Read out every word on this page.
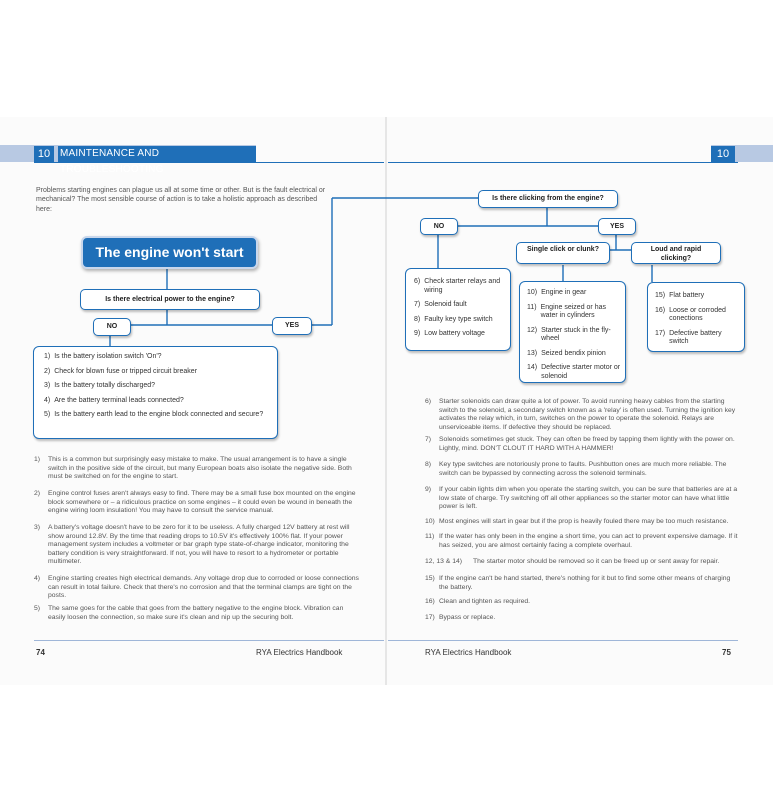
10 MAINTENANCE AND TROUBLESHOOTING
10
Problems starting engines can plague us all at some time or other. But is the fault electrical or mechanical? The most sensible course of action is to take a holistic approach as described here:
The engine won't start
Is there electrical power to the engine?
NO	YES
1) Is the battery isolation switch 'On'?
2) Check for blown fuse or tripped circuit breaker
3) Is the battery totally discharged?
4) Are the battery terminal leads connected?
5) Is the battery earth lead to the engine block connected and secure?
Is there clicking from the engine?
NO	YES
Single click or clunk?	Loud and rapid clicking?
6) Check starter relays and wiring
7) Solenoid fault
8) Faulty key type switch
9) Low battery voltage
10) Engine in gear
11) Engine seized or has water in cylinders
12) Starter stuck in the fly-wheel
13) Seized bendix pinion
14) Defective starter motor or solenoid
15) Flat battery
16) Loose or corroded conections
17) Defective battery switch
1)	This is a common but surprisingly easy mistake to make. The usual arrangement is to have a single switch in the positive side of the circuit, but many European boats also isolate the negative side. Both must be switched on for the engine to start.
2)	Engine control fuses aren't always easy to find. There may be a small fuse box mounted on the engine block somewhere or – a ridiculous practice on some engines – it could even be wound in beneath the engine wiring loom insulation! You may have to consult the service manual.
3)	A battery's voltage doesn't have to be zero for it to be useless. A fully charged 12V battery at rest will show around 12.8V. By the time that reading drops to 10.5V it's effectively 100% flat. If your power management system includes a voltmeter or bar graph type state-of-charge indicator, monitoring the battery condition is very straightforward. If not, you will have to resort to a hydrometer or portable multimeter.
4)	Engine starting creates high electrical demands. Any voltage drop due to corroded or loose connections can result in total failure. Check that there's no corrosion and that the terminal clamps are tight on the posts.
5)	The same goes for the cable that goes from the battery negative to the engine block. Vibration can easily loosen the connection, so make sure it's clean and nip up the securing bolt.
6)	Starter solenoids can draw quite a lot of power. To avoid running heavy cables from the starting switch to the solenoid, a secondary switch known as a 'relay' is often used. Turning the ignition key activates the relay which, in turn, switches on the power to operate the solenoid. Relays are unserviceable items. If defective they should be replaced.
7)	Solenoids sometimes get stuck. They can often be freed by tapping them lightly with the power on. Lightly, mind. DON'T CLOUT IT HARD WITH A HAMMER!
8)	Key type switches are notoriously prone to faults. Pushbutton ones are much more reliable. The switch can be bypassed by connecting across the solenoid terminals.
9)	If your cabin lights dim when you operate the starting switch, you can be sure that batteries are at a low state of charge. Try switching off all other appliances so the starter motor can have what little power is left.
10) Most engines will start in gear but if the prop is heavily fouled there may be too much resistance.
11) If the water has only been in the engine a short time, you can act to prevent expensive damage. If it has seized, you are almost certainly facing a complete overhaul.
12, 13 & 14)	The starter motor should be removed so it can be freed up or sent away for repair.
15) If the engine can't be hand started, there's nothing for it but to find some other means of charging the battery.
16) Clean and tighten as required.
17) Bypass or replace.
74	RYA Electrics Handbook	RYA Electrics Handbook	75
